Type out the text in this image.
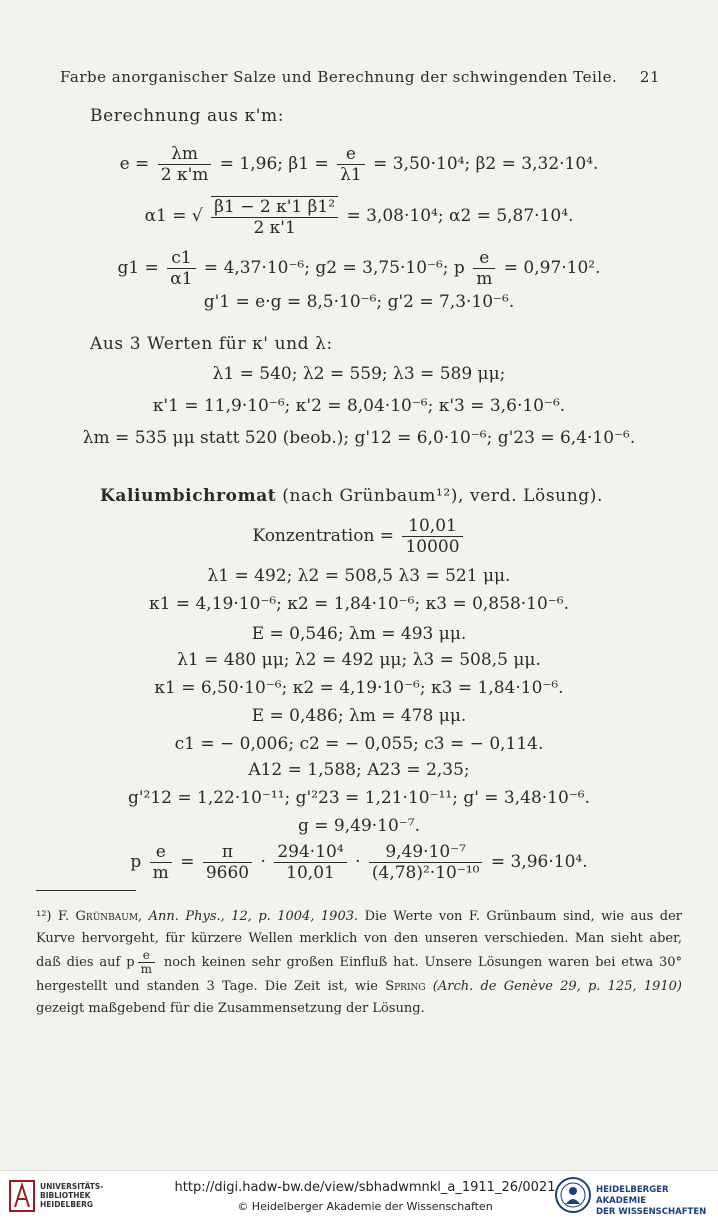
Farbe anorganischer Salze und Berechnung der schwingenden Teile. 21
Berechnung aus κ'm:
$e = \frac{\lambda m}{2 \kappa'm} = 1,96$; $\beta 1 = \frac{e}{\lambda 1} = 3,50\cdot 10^4$; β2 = 3,32·10⁴.
α1 = √ $\frac{\text{β1 − 2 κ'1 β1²}}{2 \kappa'1} = 3,08\cdot 10^4$; α2 = 5,87·10⁴.
$g1 = \frac{c1}{\alpha 1} = 4,37\cdot 10^{-6}$; g2 = 3,75·10⁻⁶; p $\frac{e}{m} = 0,97\cdot 10^2$.
g'1 = e·g = 8,5·10⁻⁶; g'2 = 7,3·10⁻⁶.
Aus 3 Werten für κ' und λ:
λ1 = 540; λ2 = 559; λ3 = 589 μμ;
κ'1 = 11,9·10⁻⁶; κ'2 = 8,04·10⁻⁶; κ'3 = 3,6·10⁻⁶.
λm = 535 μμ statt 520 (beob.); g'12 = 6,0·10⁻⁶; g'23 = 6,4·10⁻⁶.
Kaliumbichromat (nach Grünbaum¹²), verd. Lösung).
Konzentration = $\frac{10,01}{10000}$
λ1 = 492; λ2 = 508,5 λ3 = 521 μμ.
κ1 = 4,19·10⁻⁶; κ2 = 1,84·10⁻⁶; κ3 = 0,858·10⁻⁶.
E = 0,546; λm = 493 μμ.
λ1 = 480 μμ; λ2 = 492 μμ; λ3 = 508,5 μμ.
κ1 = 6,50·10⁻⁶; κ2 = 4,19·10⁻⁶; κ3 = 1,84·10⁻⁶.
E = 0,486; λm = 478 μμ.
c1 = − 0,006; c2 = − 0,055; c3 = − 0,114.
A12 = 1,588; A23 = 2,35;
g'²12 = 1,22·10⁻¹¹; g'²23 = 1,21·10⁻¹¹; g' = 3,48·10⁻⁶.
g = 9,49·10⁻⁷.
p $\frac{e}{m} = \frac{\pi}{9660} \cdot \frac{\text{294·10⁴}}{10,01} \cdot \frac{\text{9,49·10⁻⁷}}{\text{(4,78)²·10⁻¹⁰}} = 3,96\cdot 10^4$.

¹²) F. Grünbaum, Ann. Phys., 12, p. 1004, 1903. Die Werte von F. Grünbaum sind, wie aus der Kurve hervorgeht, für kürzere Wellen merklich von den unseren verschieden. Man sieht aber, daß dies auf p $\frac{e}{m}$ noch keinen sehr großen Einfluß hat. Unsere Lösungen waren bei etwa 30° hergestellt und standen 3 Tage. Die Zeit ist, wie Spring (Arch. de Genève 29, p. 125, 1910) gezeigt maßgebend für die Zusammensetzung der Lösung.

UNIVERSITÄTS-
BIBLIOTHEK
HEIDELBERG
http://digi.hadw-bw.de/view/sbhadwmnkl_a_1911_26/0021
© Heidelberger Akademie der Wissenschaften
HEIDELBERGER AKADEMIE
DER WISSENSCHAFTEN
